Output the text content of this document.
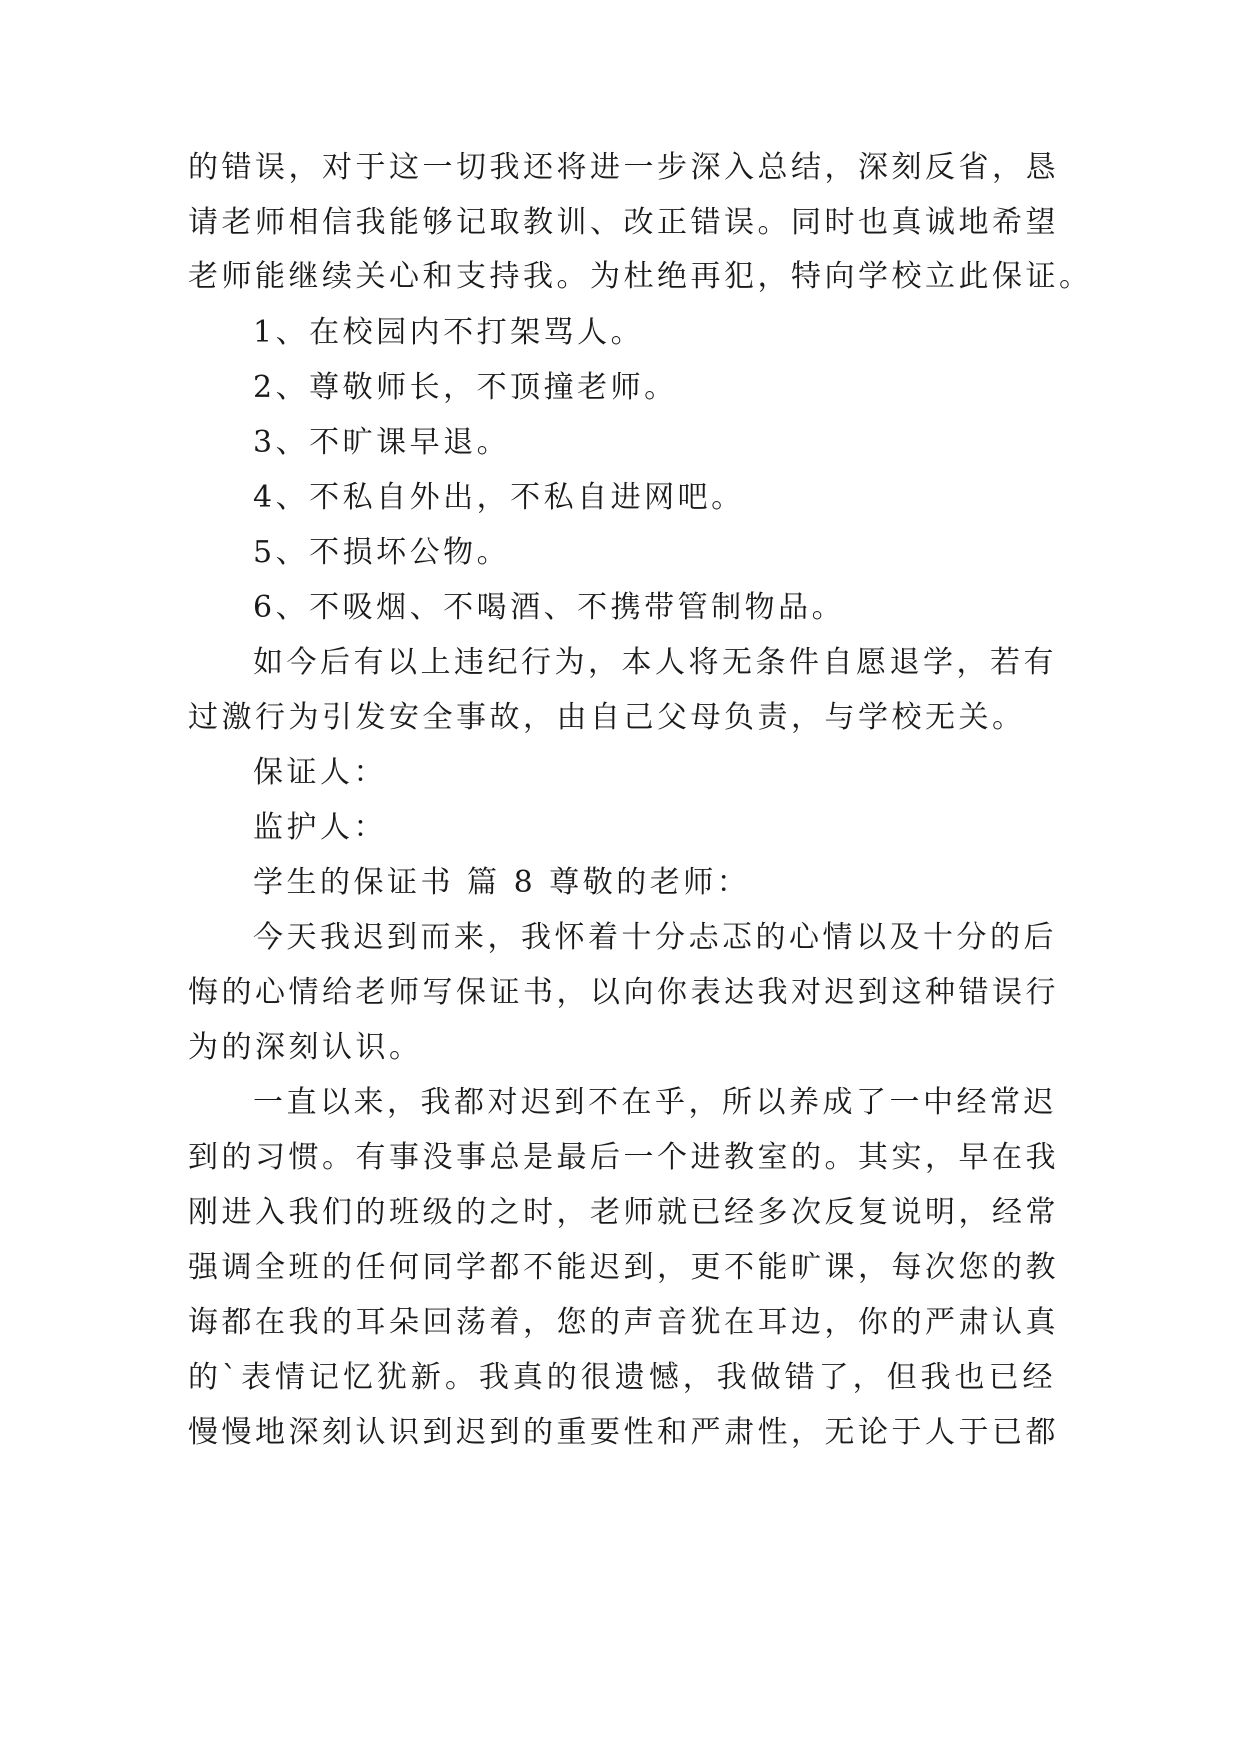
的错误，对于这一切我还将进一步深入总结，深刻反省，恳

请老师相信我能够记取教训、改正错误。同时也真诚地希望

老师能继续关心和支持我。为杜绝再犯，特向学校立此保证。

1、在校园内不打架骂人。

2、尊敬师长，不顶撞老师。

3、不旷课早退。

4、不私自外出，不私自进网吧。

5、不损坏公物。

6、不吸烟、不喝酒、不携带管制物品。

如今后有以上违纪行为，本人将无条件自愿退学，若有

过激行为引发安全事故，由自己父母负责，与学校无关。

保证人：

监护人：

学生的保证书 篇 8 尊敬的老师：

今天我迟到而来，我怀着十分忐忑的心情以及十分的后

悔的心情给老师写保证书，以向你表达我对迟到这种错误行

为的深刻认识。

一直以来，我都对迟到不在乎，所以养成了一中经常迟

到的习惯。有事没事总是最后一个进教室的。其实，早在我

刚进入我们的班级的之时，老师就已经多次反复说明，经常

强调全班的任何同学都不能迟到，更不能旷课，每次您的教

诲都在我的耳朵回荡着，您的声音犹在耳边，你的严肃认真

的`表情记忆犹新。我真的很遗憾，我做错了，但我也已经

慢慢地深刻认识到迟到的重要性和严肃性，无论于人于已都
